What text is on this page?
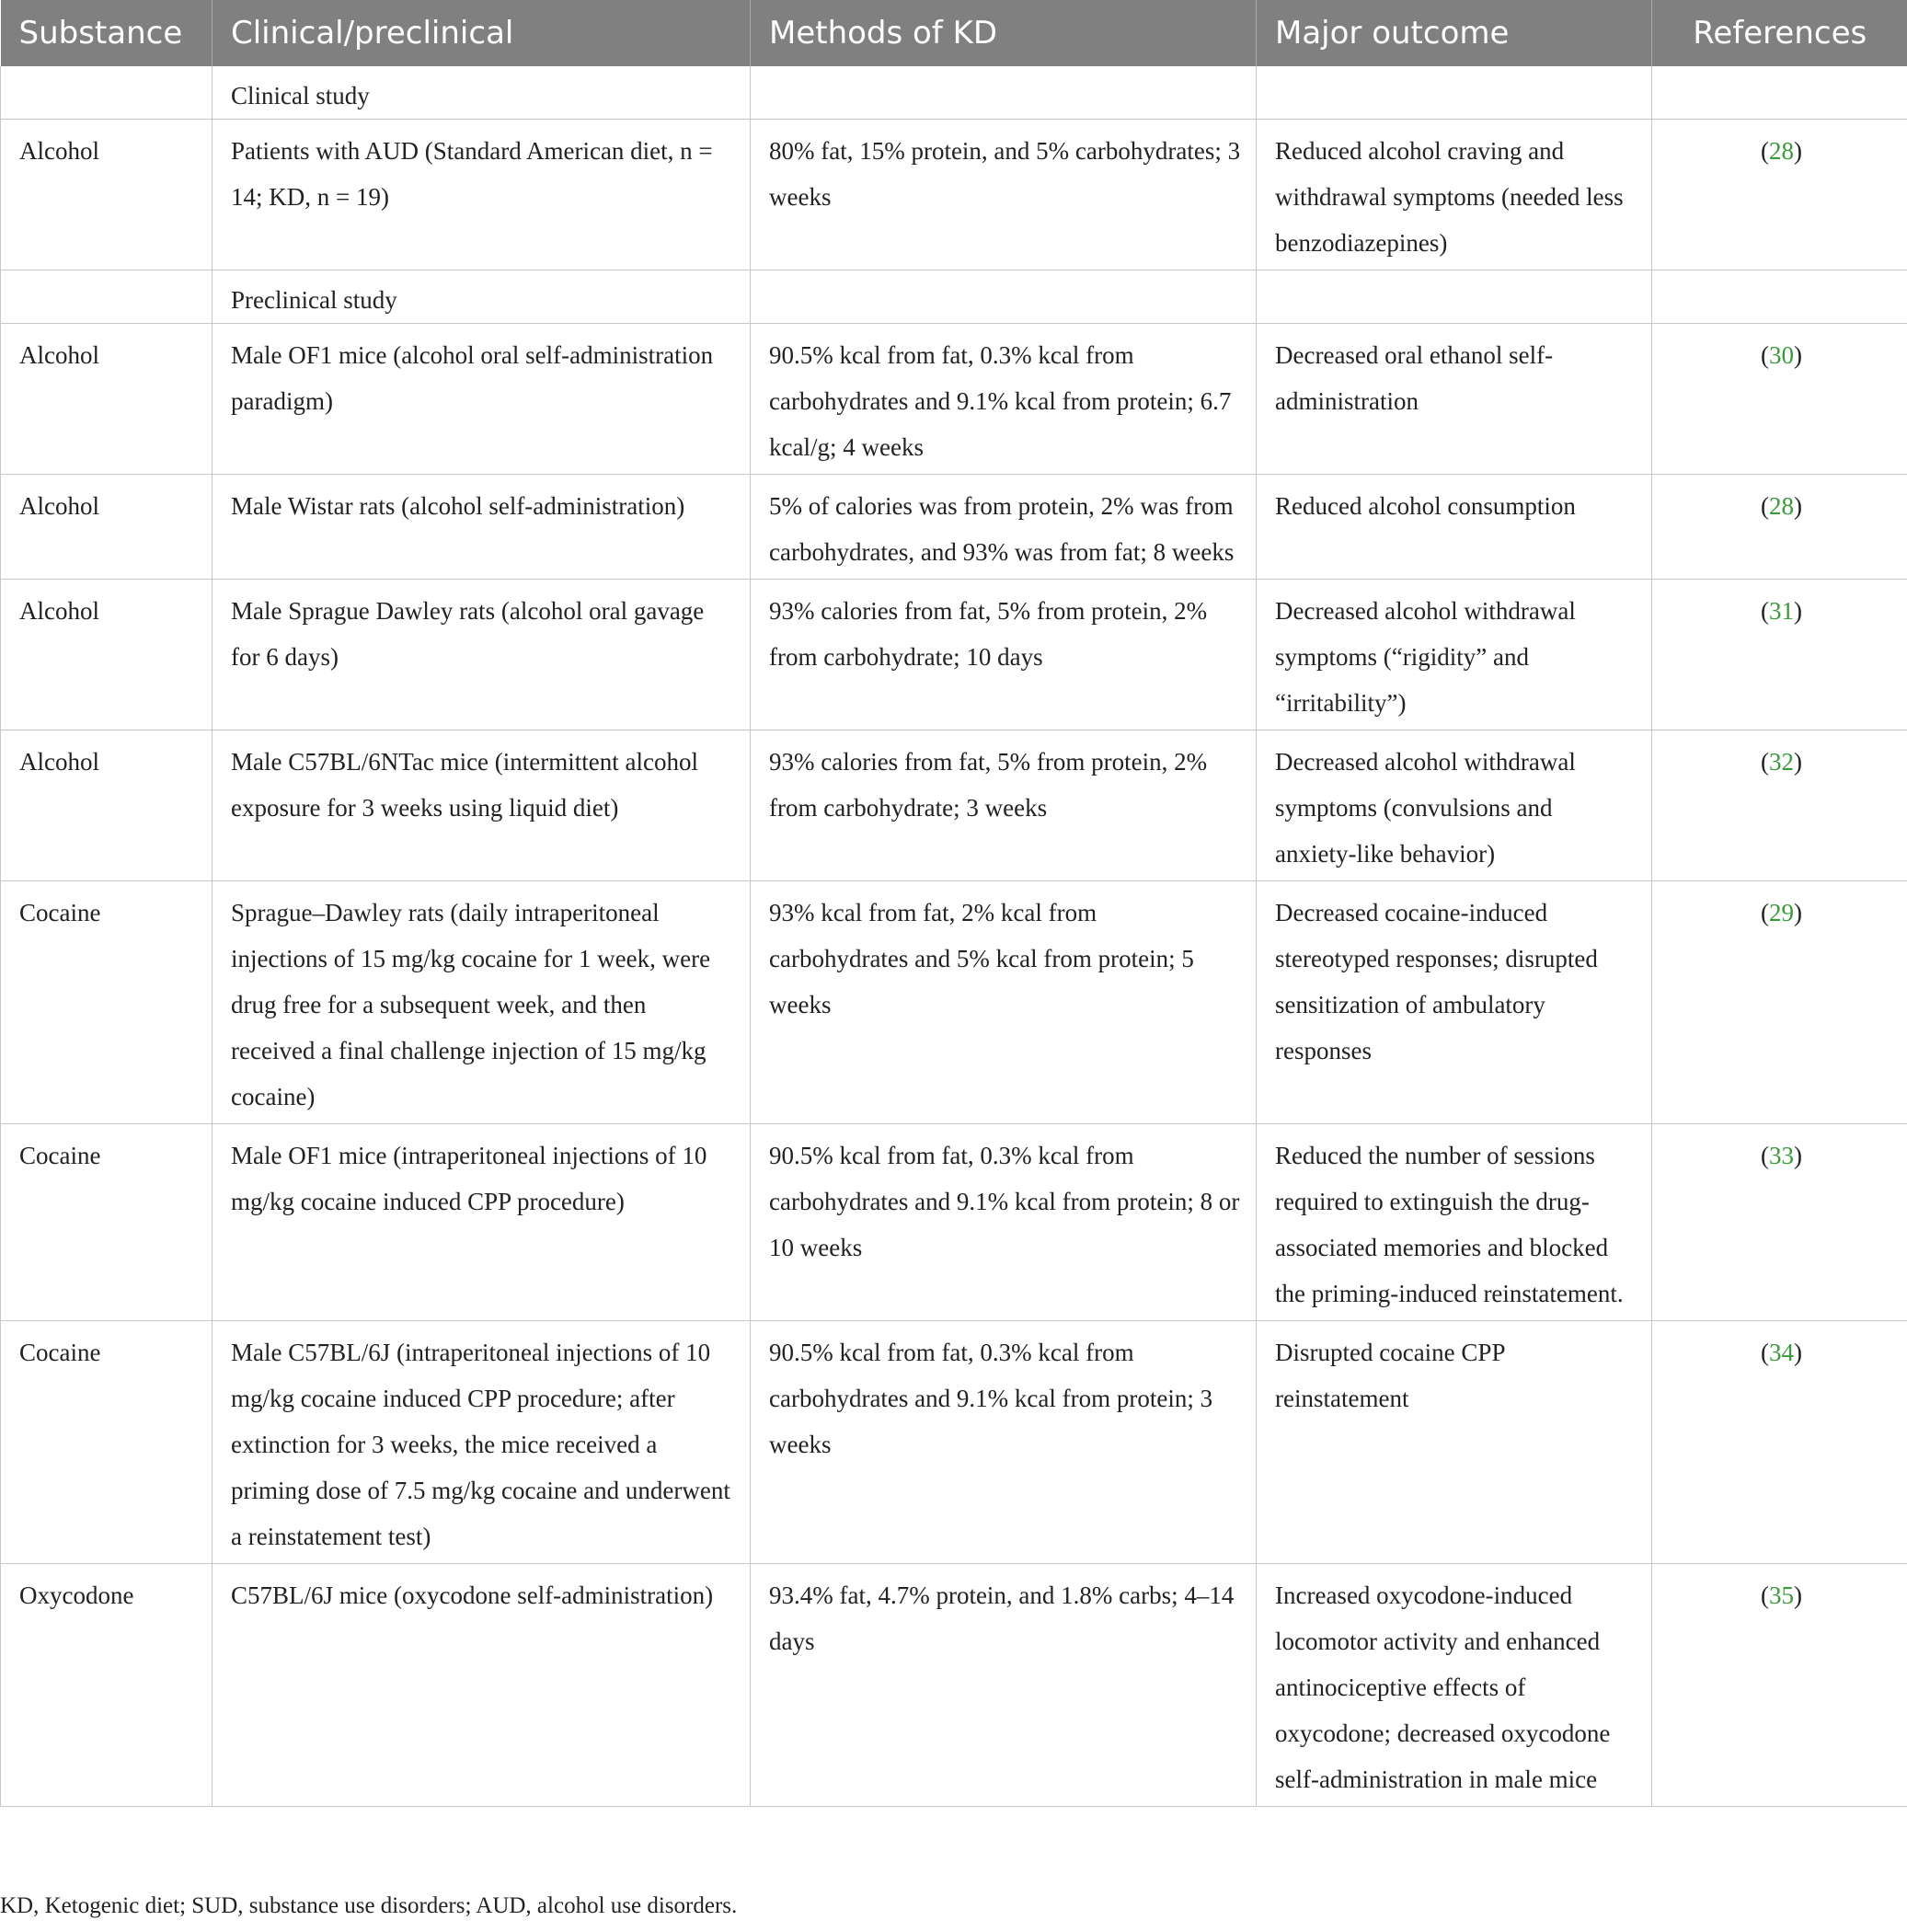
Substance	Clinical/preclinical	Methods of KD	Major outcome	References
	Clinical study			
Alcohol	Patients with AUD (Standard American diet, n = 14; KD, n = 19)	80% fat, 15% protein, and 5% carbohydrates; 3 weeks	Reduced alcohol craving and withdrawal symptoms (needed less benzodiazepines)	(28)
	Preclinical study			
Alcohol	Male OF1 mice (alcohol oral self-administration paradigm)	90.5% kcal from fat, 0.3% kcal from carbohydrates and 9.1% kcal from protein; 6.7 kcal/g; 4 weeks	Decreased oral ethanol self-administration	(30)
Alcohol	Male Wistar rats (alcohol self-administration)	5% of calories was from protein, 2% was from carbohydrates, and 93% was from fat; 8 weeks	Reduced alcohol consumption	(28)
Alcohol	Male Sprague Dawley rats (alcohol oral gavage for 6 days)	93% calories from fat, 5% from protein, 2% from carbohydrate; 10 days	Decreased alcohol withdrawal symptoms (“rigidity” and “irritability”)	(31)
Alcohol	Male C57BL/6NTac mice (intermittent alcohol exposure for 3 weeks using liquid diet)	93% calories from fat, 5% from protein, 2% from carbohydrate; 3 weeks	Decreased alcohol withdrawal symptoms (convulsions and anxiety-like behavior)	(32)
Cocaine	Sprague–Dawley rats (daily intraperitoneal injections of 15 mg/kg cocaine for 1 week, were drug free for a subsequent week, and then received a final challenge injection of 15 mg/kg cocaine)	93% kcal from fat, 2% kcal from carbohydrates and 5% kcal from protein; 5 weeks	Decreased cocaine-induced stereotyped responses; disrupted sensitization of ambulatory responses	(29)
Cocaine	Male OF1 mice (intraperitoneal injections of 10 mg/kg cocaine induced CPP procedure)	90.5% kcal from fat, 0.3% kcal from carbohydrates and 9.1% kcal from protein; 8 or 10 weeks	Reduced the number of sessions required to extinguish the drug-associated memories and blocked the priming-induced reinstatement.	(33)
Cocaine	Male C57BL/6J (intraperitoneal injections of 10 mg/kg cocaine induced CPP procedure; after extinction for 3 weeks, the mice received a priming dose of 7.5 mg/kg cocaine and underwent a reinstatement test)	90.5% kcal from fat, 0.3% kcal from carbohydrates and 9.1% kcal from protein; 3 weeks	Disrupted cocaine CPP reinstatement	(34)
Oxycodone	C57BL/6J mice (oxycodone self-administration)	93.4% fat, 4.7% protein, and 1.8% carbs; 4–14 days	Increased oxycodone-induced locomotor activity and enhanced antinociceptive effects of oxycodone; decreased oxycodone self-administration in male mice	(35)
KD, Ketogenic diet; SUD, substance use disorders; AUD, alcohol use disorders.
